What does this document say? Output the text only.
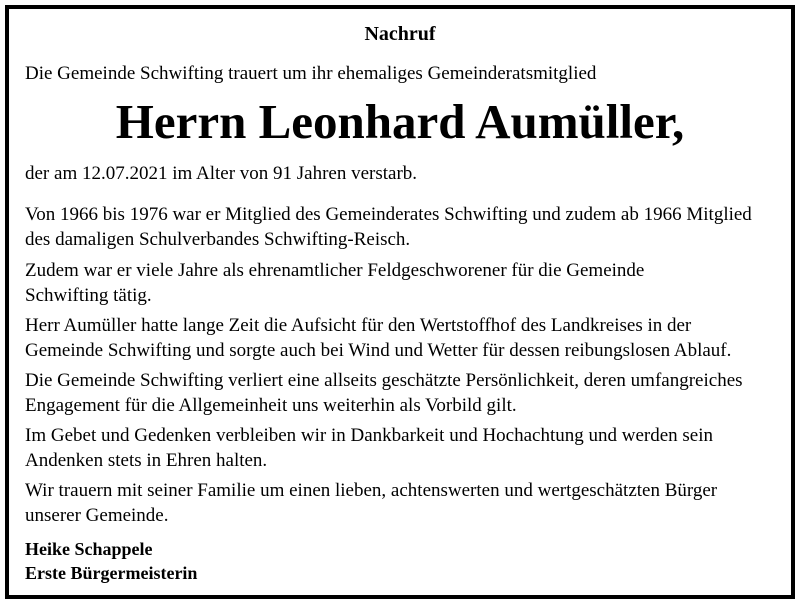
Nachruf
Die Gemeinde Schwifting trauert um ihr ehemaliges Gemeinderatsmitglied
Herrn Leonhard Aumüller,
der am 12.07.2021 im Alter von 91 Jahren verstarb.
Von 1966 bis 1976 war er Mitglied des Gemeinderates Schwifting und zudem ab 1966 Mitglied
des damaligen Schulverbandes Schwifting-Reisch.
Zudem war er viele Jahre als ehrenamtlicher Feldgeschworener für die Gemeinde
Schwifting tätig.
Herr Aumüller hatte lange Zeit die Aufsicht für den Wertstoffhof des Landkreises in der
Gemeinde Schwifting und sorgte auch bei Wind und Wetter für dessen reibungslosen Ablauf.
Die Gemeinde Schwifting verliert eine allseits geschätzte Persönlichkeit, deren umfangreiches
Engagement für die Allgemeinheit uns weiterhin als Vorbild gilt.
Im Gebet und Gedenken verbleiben wir in Dankbarkeit und Hochachtung und werden sein
Andenken stets in Ehren halten.
Wir trauern mit seiner Familie um einen lieben, achtenswerten und wertgeschätzten Bürger
unserer Gemeinde.
Heike Schappele
Erste Bürgermeisterin
